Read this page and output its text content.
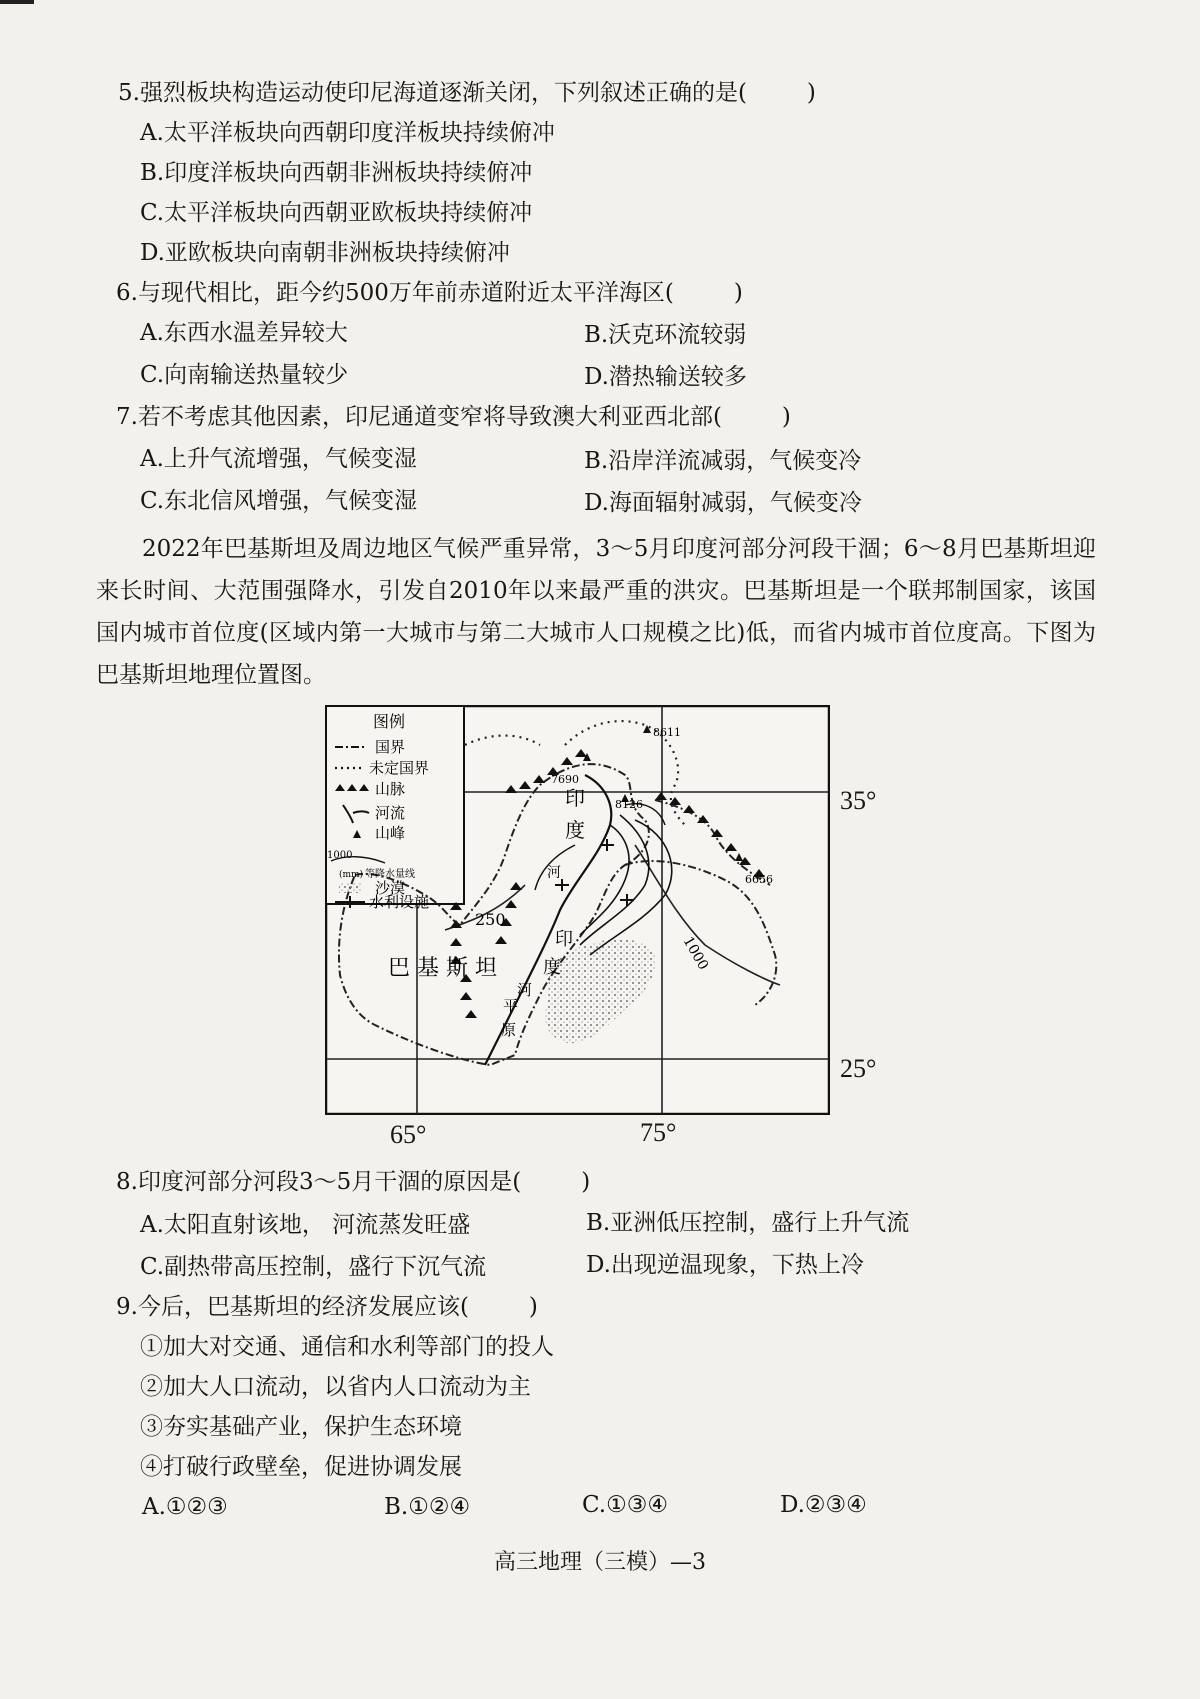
5.强烈板块构造运动使印尼海道逐渐关闭，下列叙述正确的是(	)
A.太平洋板块向西朝印度洋板块持续俯冲
B.印度洋板块向西朝非洲板块持续俯冲
C.太平洋板块向西朝亚欧板块持续俯冲
D.亚欧板块向南朝非洲板块持续俯冲
6.与现代相比，距今约500万年前赤道附近太平洋海区(	)
A.东西水温差异较大	B.沃克环流较弱
C.向南输送热量较少	D.潜热输送较多
7.若不考虑其他因素，印尼通道变窄将导致澳大利亚西北部(	)
A.上升气流增强，气候变湿	B.沿岸洋流减弱，气候变冷
C.东北信风增强，气候变湿	D.海面辐射减弱，气候变冷
2022年巴基斯坦及周边地区气候严重异常，3～5月印度河部分河段干涸；6～8月巴基斯坦迎来长时间、大范围强降水，引发自2010年以来最严重的洪灾。巴基斯坦是一个联邦制国家，该国国内城市首位度(区域内第一大城市与第二大城市人口规模之比)低，而省内城市首位度高。下图为巴基斯坦地理位置图。
图例
国界
未定国界
山脉
河流
山峰
1000
(mm) 等降水量线
沙漠
水利设施
7690
8611
8126
6656
250
1000
巴 基 斯 坦
印
度
河
印
度
河
平
原
35°
25°
65°	75°
8.印度河部分河段3～5月干涸的原因是(	)
A.太阳直射该地， 河流蒸发旺盛	B.亚洲低压控制，盛行上升气流
C.副热带高压控制，盛行下沉气流	D.出现逆温现象，下热上冷
9.今后，巴基斯坦的经济发展应该(	)
①加大对交通、通信和水利等部门的投人
②加大人口流动，以省内人口流动为主
③夯实基础产业，保护生态环境
④打破行政壁垒，促进协调发展
A.①②③	B.①②④	C.①③④	D.②③④
高三地理（三模）—3
